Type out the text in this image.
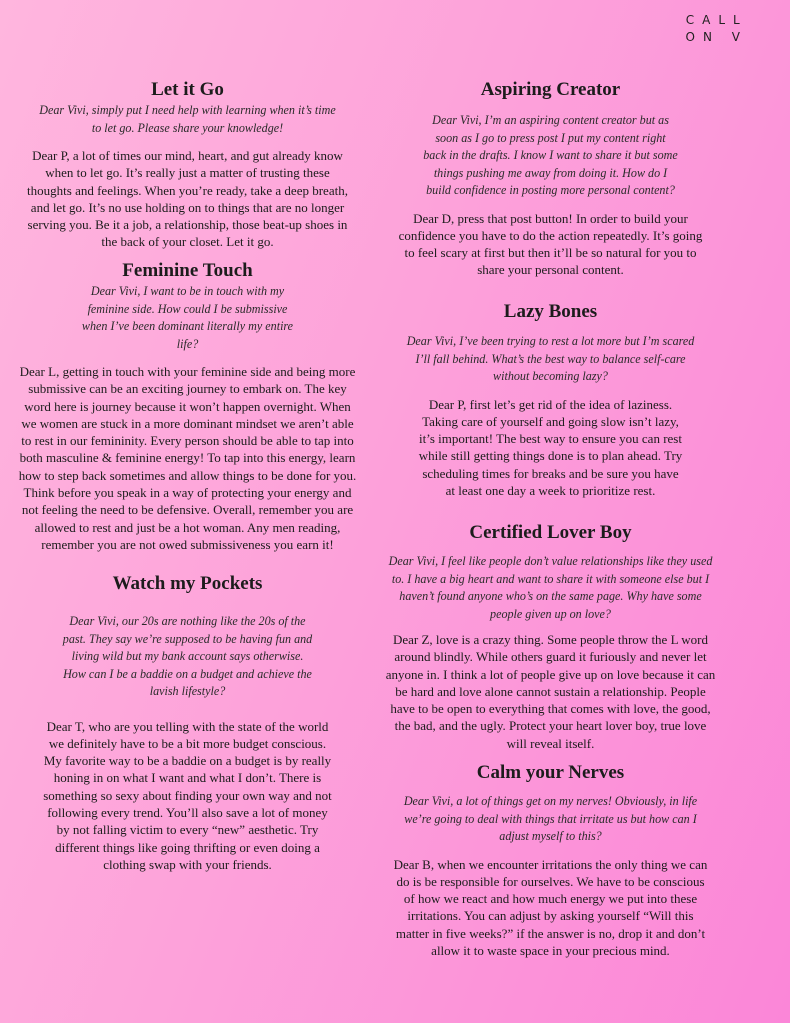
CALL
ON V
Let it Go

Dear Vivi, simply put I need help with learning when it’s time to let go. Please share your knowledge!

Dear P, a lot of times our mind, heart, and gut already know when to let go. It’s really just a matter of trusting these thoughts and feelings. When you’re ready, take a deep breath, and let go. It’s no use holding on to things that are no longer serving you. Be it a job, a relationship, those beat-up shoes in the back of your closet. Let it go.

Feminine Touch

Dear Vivi, I want to be in touch with my feminine side. How could I be submissive when I’ve been dominant literally my entire life?

Dear L, getting in touch with your feminine side and being more submissive can be an exciting journey to embark on. The key word here is journey because it won’t happen overnight. When we women are stuck in a more dominant mindset we aren’t able to rest in our femininity. Every person should be able to tap into both masculine & feminine energy! To tap into this energy, learn how to step back sometimes and allow things to be done for you. Think before you speak in a way of protecting your energy and not feeling the need to be defensive. Overall, remember you are allowed to rest and just be a hot woman. Any men reading, remember you are not owed submissiveness you earn it!

Watch my Pockets

Dear Vivi, our 20s are nothing like the 20s of the past. They say we’re supposed to be having fun and living wild but my bank account says otherwise. How can I be a baddie on a budget and achieve the lavish lifestyle?

Dear T, who are you telling with the state of the world we definitely have to be a bit more budget conscious. My favorite way to be a baddie on a budget is by really honing in on what I want and what I don’t. There is something so sexy about finding your own way and not following every trend. You’ll also save a lot of money by not falling victim to every “new” aesthetic. Try different things like going thrifting or even doing a clothing swap with your friends.

Aspiring Creator

Dear Vivi, I’m an aspiring content creator but as soon as I go to press post I put my content right back in the drafts. I know I want to share it but some things pushing me away from doing it. How do I build confidence in posting more personal content?

Dear D, press that post button! In order to build your confidence you have to do the action repeatedly. It’s going to feel scary at first but then it’ll be so natural for you to share your personal content.

Lazy Bones

Dear Vivi, I’ve been trying to rest a lot more but I’m scared I’ll fall behind. What’s the best way to balance self-care without becoming lazy?

Dear P, first let’s get rid of the idea of laziness. Taking care of yourself and going slow isn’t lazy, it’s important! The best way to ensure you can rest while still getting things done is to plan ahead. Try scheduling times for breaks and be sure you have at least one day a week to prioritize rest.

Certified Lover Boy

Dear Vivi, I feel like people don’t value relationships like they used to. I have a big heart and want to share it with someone else but I haven’t found anyone who’s on the same page. Why have some people given up on love?

Dear Z, love is a crazy thing. Some people throw the L word around blindly. While others guard it furiously and never let anyone in. I think a lot of people give up on love because it can be hard and love alone cannot sustain a relationship. People have to be open to everything that comes with love, the good, the bad, and the ugly. Protect your heart lover boy, true love will reveal itself.

Calm your Nerves

Dear Vivi, a lot of things get on my nerves! Obviously, in life we’re going to deal with things that irritate us but how can I adjust myself to this?

Dear B, when we encounter irritations the only thing we can do is be responsible for ourselves. We have to be conscious of how we react and how much energy we put into these irritations. You can adjust by asking yourself “Will this matter in five weeks?” if the answer is no, drop it and don’t allow it to waste space in your precious mind.
